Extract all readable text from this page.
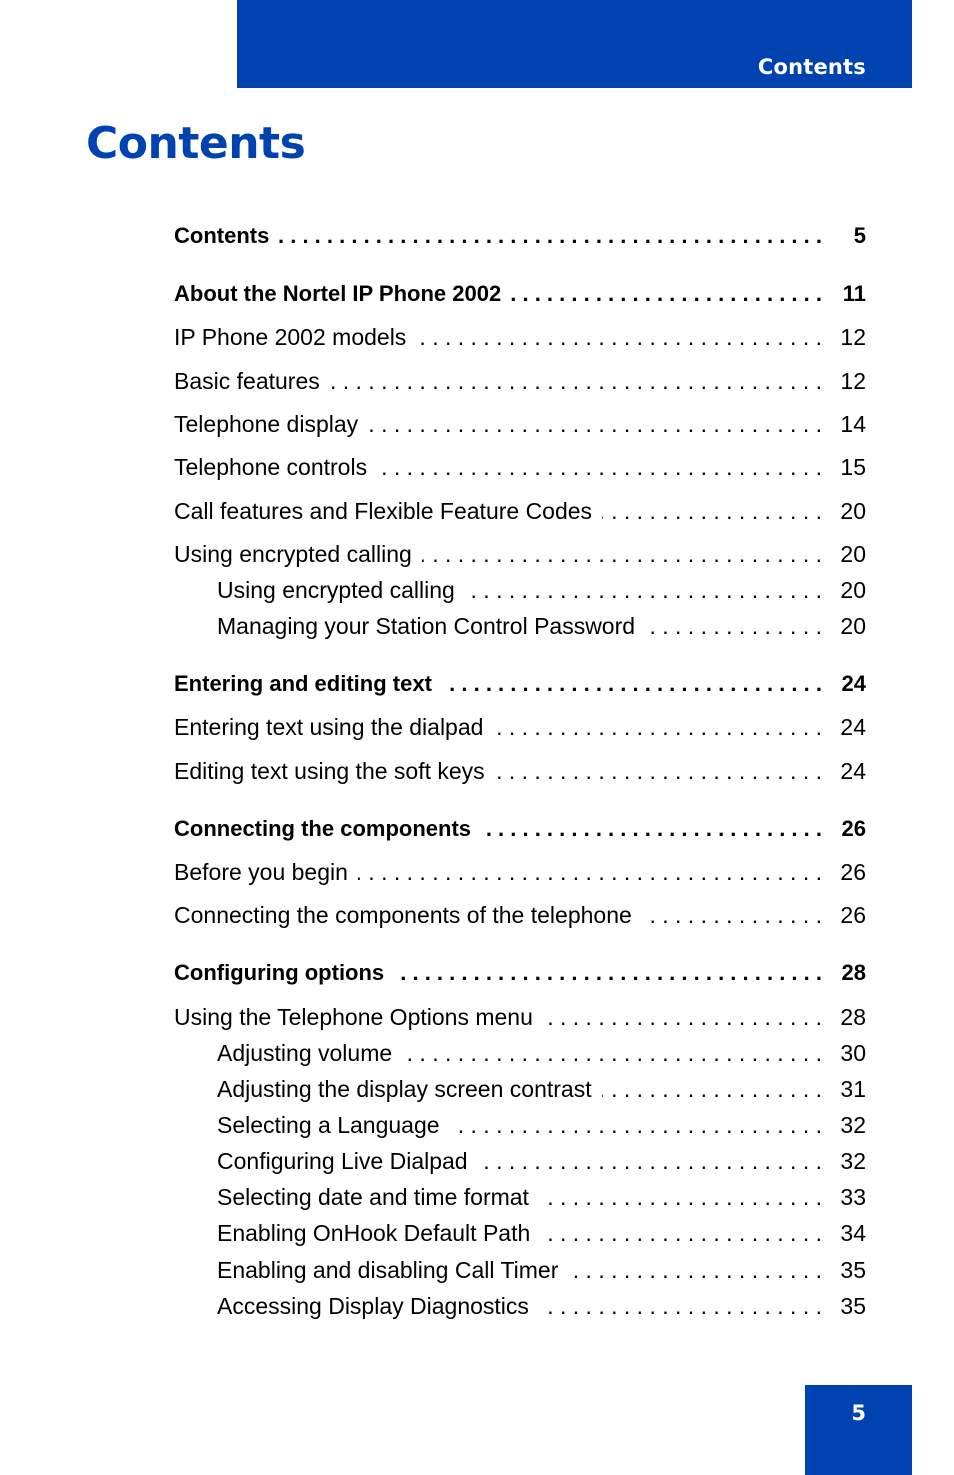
Contents
Contents
Contents . . .	5
About the Nortel IP Phone 2002 . . .	11
IP Phone 2002 models . . .	12
Basic features . . .	12
Telephone display . . .	14
Telephone controls . . .	15
Call features and Flexible Feature Codes . . .	20
Using encrypted calling . . .	20
Using encrypted calling . . .	20
Managing your Station Control Password . . .	20
Entering and editing text . . .	24
Entering text using the dialpad . . .	24
Editing text using the soft keys . . .	24
Connecting the components . . .	26
Before you begin . . .	26
Connecting the components of the telephone . . .	26
Configuring options . . .	28
Using the Telephone Options menu . . .	28
Adjusting volume . . .	30
Adjusting the display screen contrast . . .	31
Selecting a Language . . .	32
Configuring Live Dialpad . . .	32
Selecting date and time format . . .	33
Enabling OnHook Default Path . . .	34
Enabling and disabling Call Timer . . .	35
Accessing Display Diagnostics . . .	35
5
